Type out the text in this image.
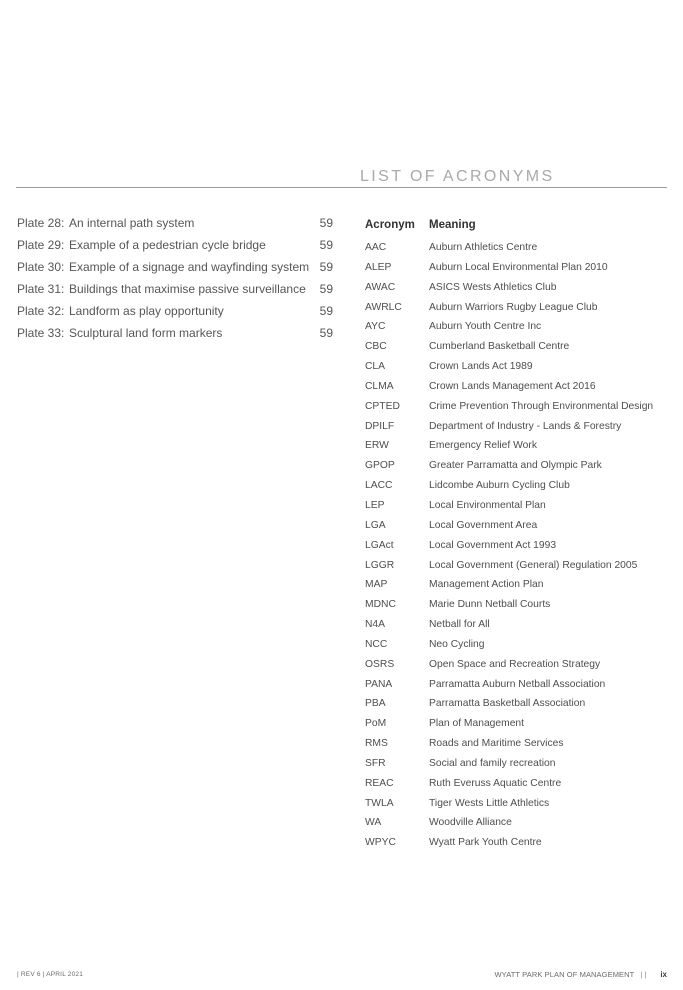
LIST OF ACRONYMS
Plate 28: An internal path system	59
Plate 29: Example of a pedestrian cycle bridge	59
Plate 30: Example of a signage and wayfinding system 59
Plate 31: Buildings that maximise passive surveillance 59
Plate 32: Landform as play opportunity	59
Plate 33: Sculptural land form markers	59
Acronym Meaning
AAC	Auburn Athletics Centre
ALEP	Auburn Local Environmental Plan 2010
AWAC	ASICS Wests Athletics Club
AWRLC	Auburn Warriors Rugby League Club
AYC	Auburn Youth Centre Inc
CBC	Cumberland Basketball Centre
CLA	Crown Lands Act 1989
CLMA	Crown Lands Management Act 2016
CPTED	Crime Prevention Through Environmental Design
DPILF	Department of Industry - Lands & Forestry
ERW	Emergency Relief Work
GPOP	Greater Parramatta and Olympic Park
LACC	Lidcombe Auburn Cycling Club
LEP	Local Environmental Plan
LGA	Local Government Area
LGAct	Local Government Act 1993
LGGR	Local Government (General) Regulation 2005
MAP	Management Action Plan
MDNC	Marie Dunn Netball Courts
N4A	Netball for All
NCC	Neo Cycling
OSRS	Open Space and Recreation Strategy
PANA	Parramatta Auburn Netball Association
PBA	Parramatta Basketball Association
PoM	Plan of Management
RMS	Roads and Maritime Services
SFR	Social and family recreation
REAC	Ruth Everuss Aquatic Centre
TWLA	Tiger Wests Little Athletics
WA	Woodville Alliance
WPYC	Wyatt Park Youth Centre
| REV 6 | APRIL 2021	WYATT PARK PLAN OF MANAGEMENT | | ix
